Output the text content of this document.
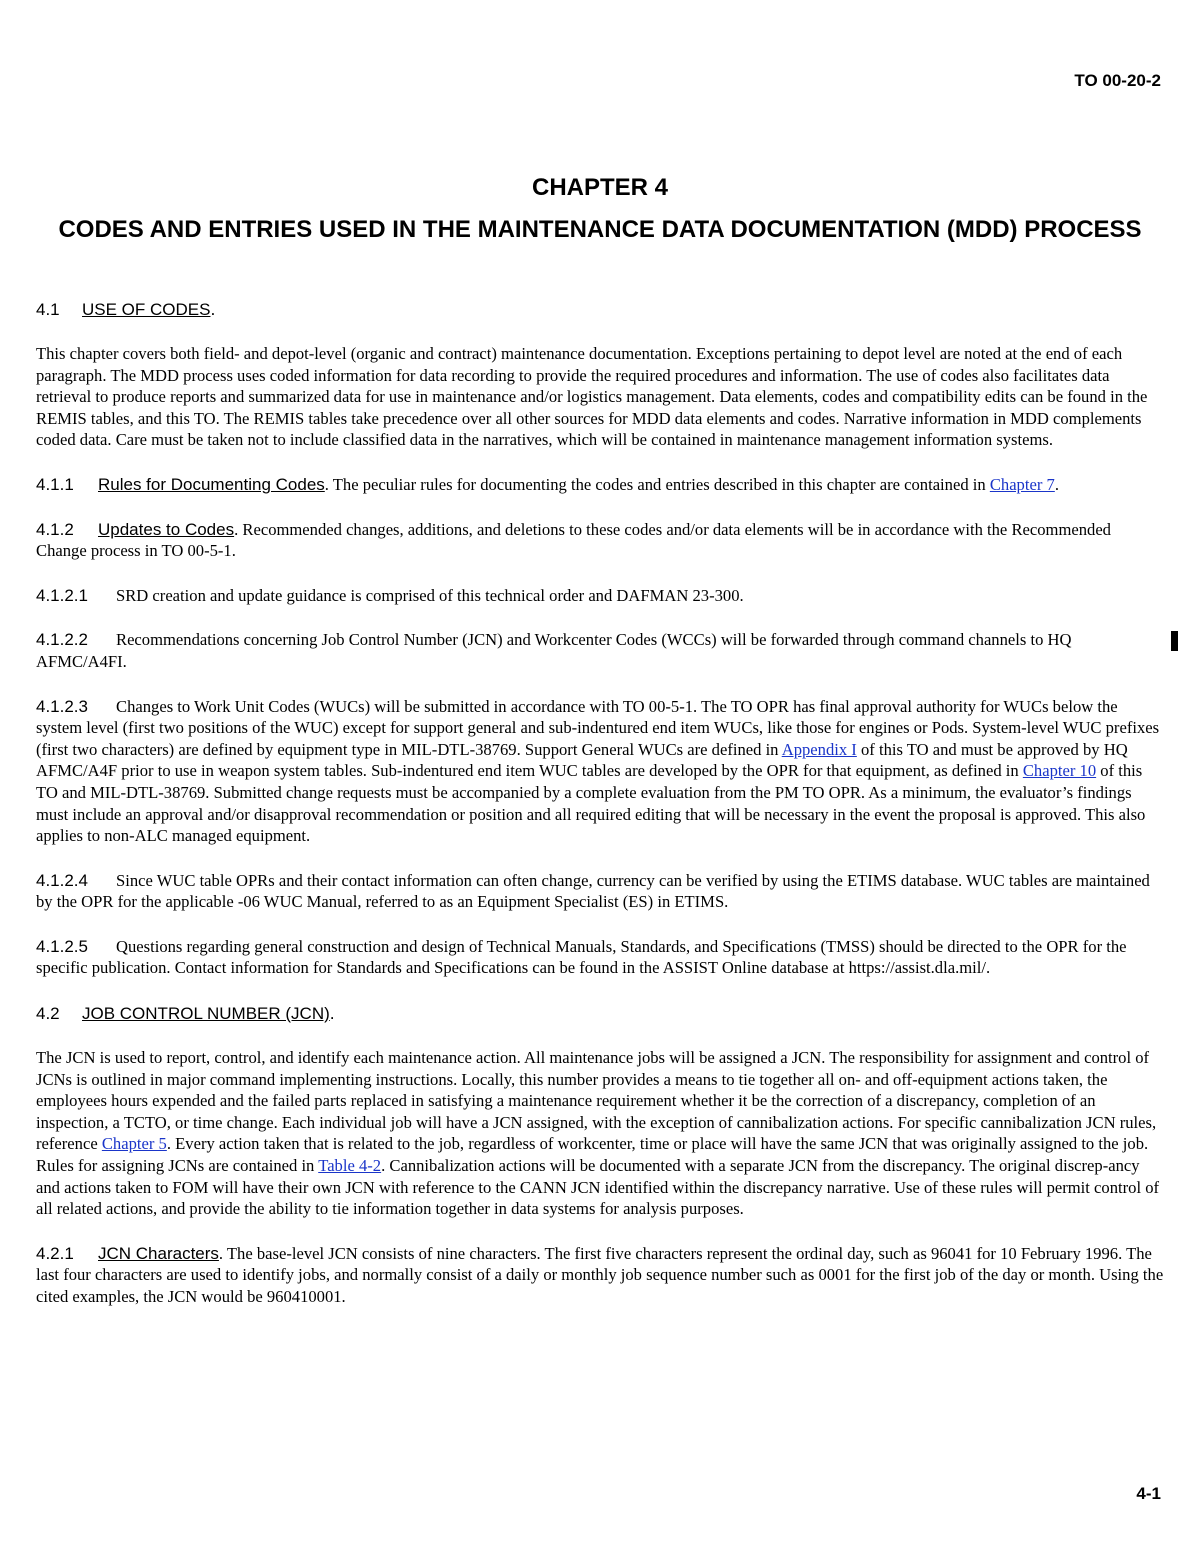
TO 00-20-2
CHAPTER 4
CODES AND ENTRIES USED IN THE MAINTENANCE DATA DOCUMENTATION (MDD) PROCESS
4.1 USE OF CODES.

This chapter covers both field- and depot-level (organic and contract) maintenance documentation. Exceptions pertaining to depot level are noted at the end of each paragraph. The MDD process uses coded information for data recording to provide the required procedures and information. The use of codes also facilitates data retrieval to produce reports and summarized data for use in maintenance and/or logistics management. Data elements, codes and compatibility edits can be found in the REMIS tables, and this TO. The REMIS tables take precedence over all other sources for MDD data elements and codes. Narrative information in MDD complements coded data. Care must be taken not to include classified data in the narratives, which will be contained in maintenance management information systems.

4.1.1 Rules for Documenting Codes. The peculiar rules for documenting the codes and entries described in this chapter are contained in Chapter 7.

4.1.2 Updates to Codes. Recommended changes, additions, and deletions to these codes and/or data elements will be in accordance with the Recommended Change process in TO 00-5-1.

4.1.2.1 SRD creation and update guidance is comprised of this technical order and DAFMAN 23-300.

4.1.2.2 Recommendations concerning Job Control Number (JCN) and Workcenter Codes (WCCs) will be forwarded through command channels to HQ AFMC/A4FI.

4.1.2.3 Changes to Work Unit Codes (WUCs) will be submitted in accordance with TO 00-5-1. The TO OPR has final approval authority for WUCs below the system level (first two positions of the WUC) except for support general and sub-indentured end item WUCs, like those for engines or Pods. System-level WUC prefixes (first two characters) are defined by equipment type in MIL-DTL-38769. Support General WUCs are defined in Appendix I of this TO and must be approved by HQ AFMC/A4F prior to use in weapon system tables. Sub-indentured end item WUC tables are developed by the OPR for that equipment, as defined in Chapter 10 of this TO and MIL-DTL-38769. Submitted change requests must be accompanied by a complete evaluation from the PM TO OPR. As a minimum, the evaluator’s findings must include an approval and/or disapproval recommendation or position and all required editing that will be necessary in the event the proposal is approved. This also applies to non-ALC managed equipment.

4.1.2.4 Since WUC table OPRs and their contact information can often change, currency can be verified by using the ETIMS database. WUC tables are maintained by the OPR for the applicable -06 WUC Manual, referred to as an Equipment Specialist (ES) in ETIMS.

4.1.2.5 Questions regarding general construction and design of Technical Manuals, Standards, and Specifications (TMSS) should be directed to the OPR for the specific publication. Contact information for Standards and Specifications can be found in the ASSIST Online database at https://assist.dla.mil/.

4.2 JOB CONTROL NUMBER (JCN).

The JCN is used to report, control, and identify each maintenance action. All maintenance jobs will be assigned a JCN. The responsibility for assignment and control of JCNs is outlined in major command implementing instructions. Locally, this number provides a means to tie together all on- and off-equipment actions taken, the employees hours expended and the failed parts replaced in satisfying a maintenance requirement whether it be the correction of a discrepancy, completion of an inspection, a TCTO, or time change. Each individual job will have a JCN assigned, with the exception of cannibalization actions. For specific cannibalization JCN rules, reference Chapter 5. Every action taken that is related to the job, regardless of workcenter, time or place will have the same JCN that was originally assigned to the job. Rules for assigning JCNs are contained in Table 4-2. Cannibalization actions will be documented with a separate JCN from the discrepancy. The original discrep-ancy and actions taken to FOM will have their own JCN with reference to the CANN JCN identified within the discrepancy narrative. Use of these rules will permit control of all related actions, and provide the ability to tie information together in data systems for analysis purposes.

4.2.1 JCN Characters. The base-level JCN consists of nine characters. The first five characters represent the ordinal day, such as 96041 for 10 February 1996. The last four characters are used to identify jobs, and normally consist of a daily or monthly job sequence number such as 0001 for the first job of the day or month. Using the cited examples, the JCN would be 960410001.

4-1
